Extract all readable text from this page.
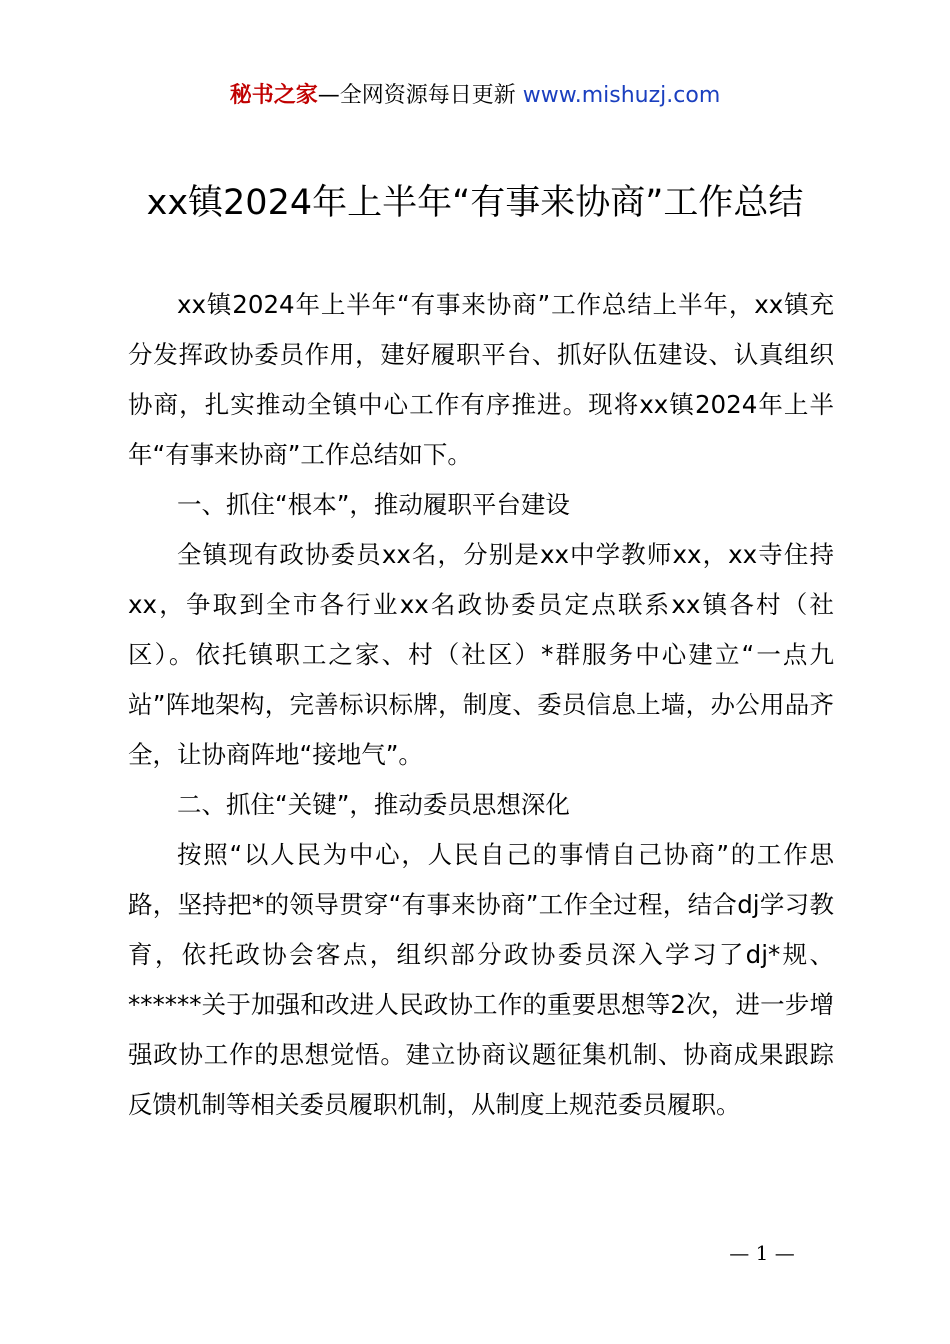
秘书之家—全网资源每日更新 www.mishuzj.com
xx镇2024年上半年“有事来协商”工作总结

xx镇2024年上半年“有事来协商”工作总结上半年，xx镇充分发挥政协委员作用，建好履职平台、抓好队伍建设、认真组织协商，扎实推动全镇中心工作有序推进。现将xx镇2024年上半年“有事来协商”工作总结如下。

一、抓住“根本”，推动履职平台建设

全镇现有政协委员xx名，分别是xx中学教师xx，xx寺住持xx，争取到全市各行业xx名政协委员定点联系xx镇各村（社区）。依托镇职工之家、村（社区）*群服务中心建立“一点九站”阵地架构，完善标识标牌，制度、委员信息上墙，办公用品齐全，让协商阵地“接地气”。

二、抓住“关键”，推动委员思想深化

按照“以人民为中心，人民自己的事情自己协商”的工作思路，坚持把*的领导贯穿“有事来协商”工作全过程，结合dj学习教育，依托政协会客点，组织部分政协委员深入学习了dj*规、******关于加强和改进人民政协工作的重要思想等2次，进一步增强政协工作的思想觉悟。建立协商议题征集机制、协商成果跟踪反馈机制等相关委员履职机制，从制度上规范委员履职。

— 1 —
